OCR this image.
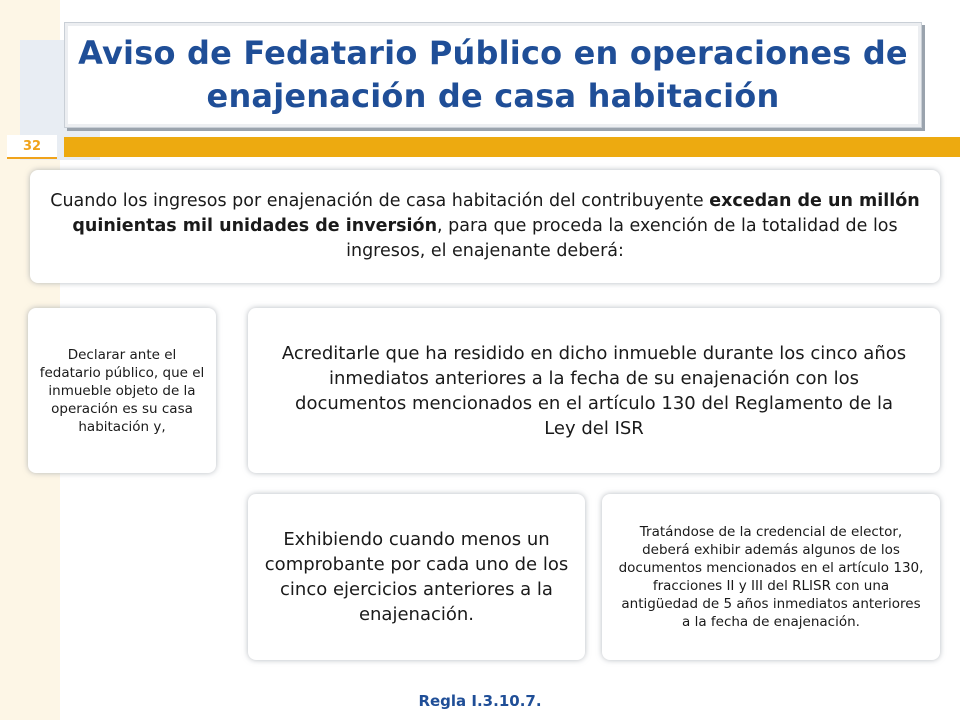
Aviso de Fedatario Público en operaciones de enajenación de casa habitación
32
Cuando los ingresos por enajenación de casa habitación del contribuyente excedan de un millón quinientas mil unidades de inversión, para que proceda la exención de la totalidad de los ingresos, el enajenante deberá:
Declarar ante el fedatario público, que el inmueble objeto de la operación es su casa habitación y,
Acreditarle que ha residido en dicho inmueble durante los cinco años inmediatos anteriores a la fecha de su enajenación con los documentos mencionados en el artículo 130 del Reglamento de la Ley del ISR
Exhibiendo cuando menos un comprobante por cada uno de los cinco ejercicios anteriores a la enajenación.
Tratándose de la credencial de elector, deberá exhibir además algunos de los documentos mencionados en el artículo 130, fracciones II y III del RLISR con una antigüedad de 5 años inmediatos anteriores a la fecha de enajenación.
Regla I.3.10.7.
